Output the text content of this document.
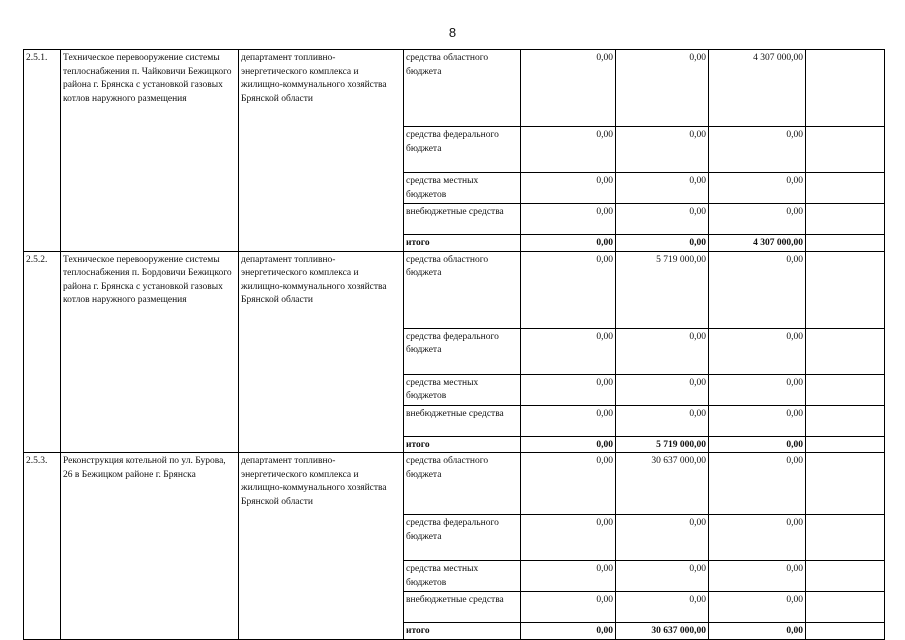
8
2.5.1.	Техническое перевооружение системы теплоснабжения п. Чайковичи Бежицкого района г. Брянска с установкой газовых котлов наружного размещения	департамент топливно-энергетического комплекса и жилищно-коммунального хозяйства Брянской области	средства областного бюджета	0,00	0,00	4 307 000,00	
			средства федерального бюджета	0,00	0,00	0,00	
			средства местных бюджетов	0,00	0,00	0,00	
			внебюджетные средства	0,00	0,00	0,00	
			итого	0,00	0,00	4 307 000,00	
2.5.2.	Техническое перевооружение системы теплоснабжения п. Бордовичи Бежицкого района г. Брянска с установкой газовых котлов наружного размещения	департамент топливно-энергетического комплекса и жилищно-коммунального хозяйства Брянской области	средства областного бюджета	0,00	5 719 000,00	0,00	
			средства федерального бюджета	0,00	0,00	0,00	
			средства местных бюджетов	0,00	0,00	0,00	
			внебюджетные средства	0,00	0,00	0,00	
			итого	0,00	5 719 000,00	0,00	
2.5.3.	Реконструкция котельной по ул. Бурова, 26 в Бежицком районе г. Брянска	департамент топливно-энергетического комплекса и жилищно-коммунального хозяйства Брянской области	средства областного бюджета	0,00	30 637 000,00	0,00	
			средства федерального бюджета	0,00	0,00	0,00	
			средства местных бюджетов	0,00	0,00	0,00	
			внебюджетные средства	0,00	0,00	0,00	
			итого	0,00	30 637 000,00	0,00	
